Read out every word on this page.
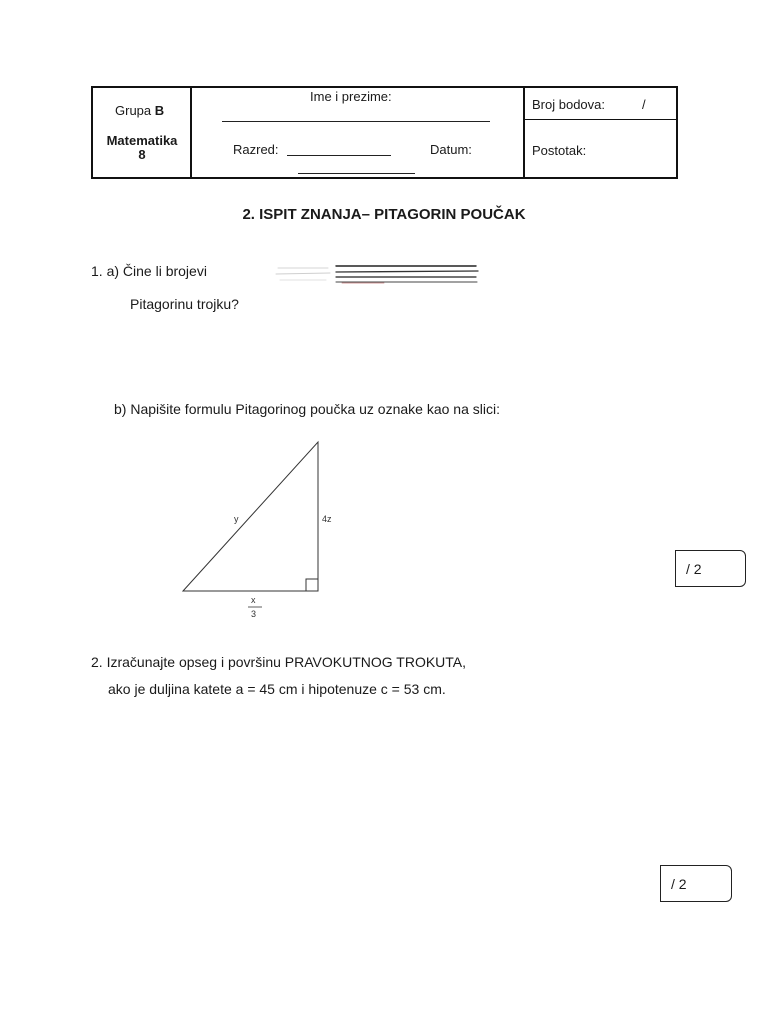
Grupa B
Matematika
8
Ime i prezime:
Razred:	Datum:
Broj bodova:	/
Postotak:
2. ISPIT ZNANJA– PITAGORIN POUČAK
1. a) Čine li brojevi
Pitagorinu trojku?
b) Napišite formulu Pitagorinog poučka uz oznake kao na slici:
y	4z
x
3
/ 2
2. Izračunajte opseg i površinu PRAVOKUTNOG TROKUTA,
ako je duljina katete a = 45 cm i hipotenuze c = 53 cm.
/ 2
